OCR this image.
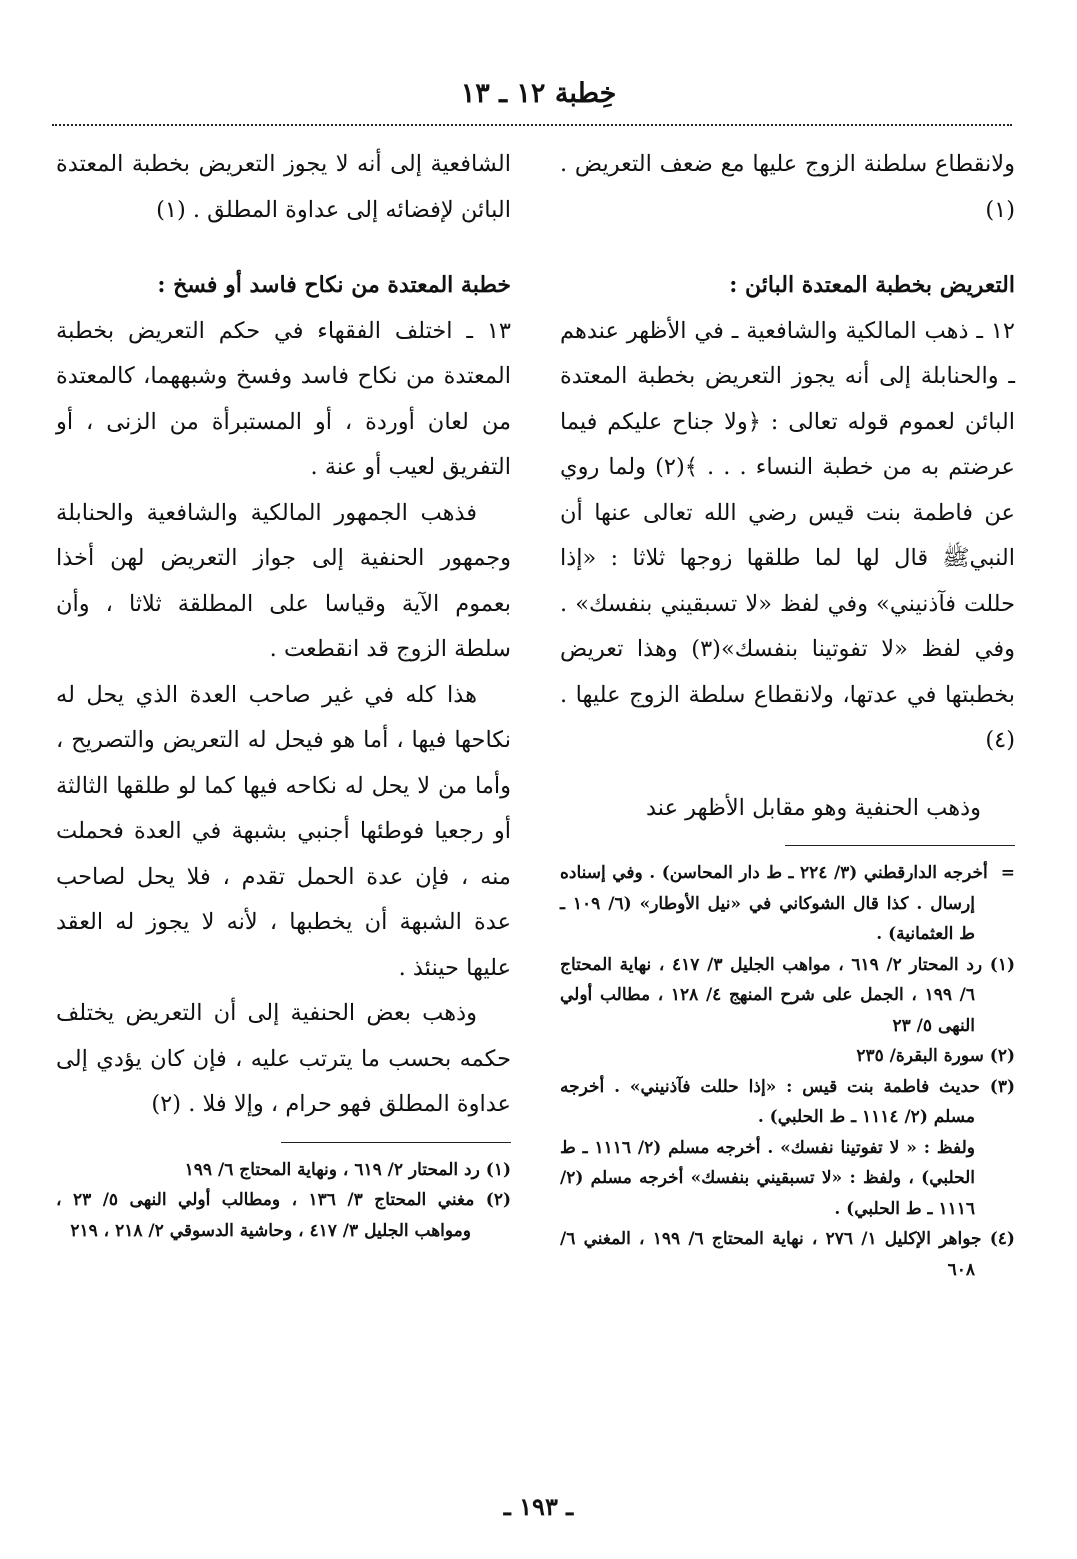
خِطبة ١٢ ـ ١٣

ولانقطاع سلطنة الزوج عليها مع ضعف التعريض . (١)

التعريض بخطبة المعتدة البائن :

١٢ ـ ذهب المالكية والشافعية ـ في الأظهر عندهم ـ والحنابلة إلى أنه يجوز التعريض بخطبة المعتدة البائن لعموم قوله تعالى : ﴿ولا جناح عليكم فيما عرضتم به من خطبة النساء . . . ﴾(٢) ولما روي عن فاطمة بنت قيس رضي الله تعالى عنها أن النبيﷺ قال لها لما طلقها زوجها ثلاثا : «إذا حللت فآذنيني» وفي لفظ «لا تسبقيني بنفسك» . وفي لفظ «لا تفوتينا بنفسك»(٣) وهذا تعريض بخطبتها في عدتها، ولانقطاع سلطة الزوج عليها . (٤)

وذهب الحنفية وهو مقابل الأظهر عند

=  أخرجه الدارقطني (٣/ ٢٢٤ ـ ط دار المحاسن) . وفي إسناده إرسال . كذا قال الشوكاني في «نيل الأوطار» (٦/ ١٠٩ ـ ط العثمانية) .

(١) رد المحتار ٢/ ٦١٩ ، مواهب الجليل ٣/ ٤١٧ ، نهاية المحتاج ٦/ ١٩٩ ، الجمل على شرح المنهج ٤/ ١٢٨ ، مطالب أولي النهى ٥/ ٢٣

(٢) سورة البقرة/ ٢٣٥

(٣) حديث فاطمة بنت قيس : «إذا حللت فآذنيني» . أخرجه مسلم (٢/ ١١١٤ ـ ط الحلبي) .

ولفظ : « لا تفوتينا نفسك» . أخرجه مسلم (٢/ ١١١٦ ـ ط الحلبي) ، ولفظ : «لا تسبقيني بنفسك» أخرجه مسلم (٢/ ١١١٦ ـ ط الحلبي) .

(٤) جواهر الإكليل ١/ ٢٧٦ ، نهاية المحتاج ٦/ ١٩٩ ، المغني ٦/ ٦٠٨

الشافعية إلى أنه لا يجوز التعريض بخطبة المعتدة البائن لإفضائه إلى عداوة المطلق . (١)

خطبة المعتدة من نكاح فاسد أو فسخ :

١٣ ـ اختلف الفقهاء في حكم التعريض بخطبة المعتدة من نكاح فاسد وفسخ وشبههما، كالمعتدة من لعان أوردة ، أو المستبرأة من الزنى ، أو التفريق لعيب أو عنة .

فذهب الجمهور المالكية والشافعية والحنابلة وجمهور الحنفية إلى جواز التعريض لهن أخذا بعموم الآية وقياسا على المطلقة ثلاثا ، وأن سلطة الزوج قد انقطعت .

هذا كله في غير صاحب العدة الذي يحل له نكاحها فيها ، أما هو فيحل له التعريض والتصريح ، وأما من لا يحل له نكاحه فيها كما لو طلقها الثالثة أو رجعيا فوطئها أجنبي بشبهة في العدة فحملت منه ، فإن عدة الحمل تقدم ، فلا يحل لصاحب عدة الشبهة أن يخطبها ، لأنه لا يجوز له العقد عليها حينئذ .

وذهب بعض الحنفية إلى أن التعريض يختلف حكمه بحسب ما يترتب عليه ، فإن كان يؤدي إلى عداوة المطلق فهو حرام ، وإلا فلا . (٢)

(١) رد المحتار ٢/ ٦١٩ ، ونهاية المحتاج ٦/ ١٩٩

(٢) مغني المحتاج ٣/ ١٣٦ ، ومطالب أولي النهى ٥/ ٢٣ ، ومواهب الجليل ٣/ ٤١٧ ، وحاشية الدسوقي ٢/ ٢١٨ ، ٢١٩

ـ ١٩٣ ـ
